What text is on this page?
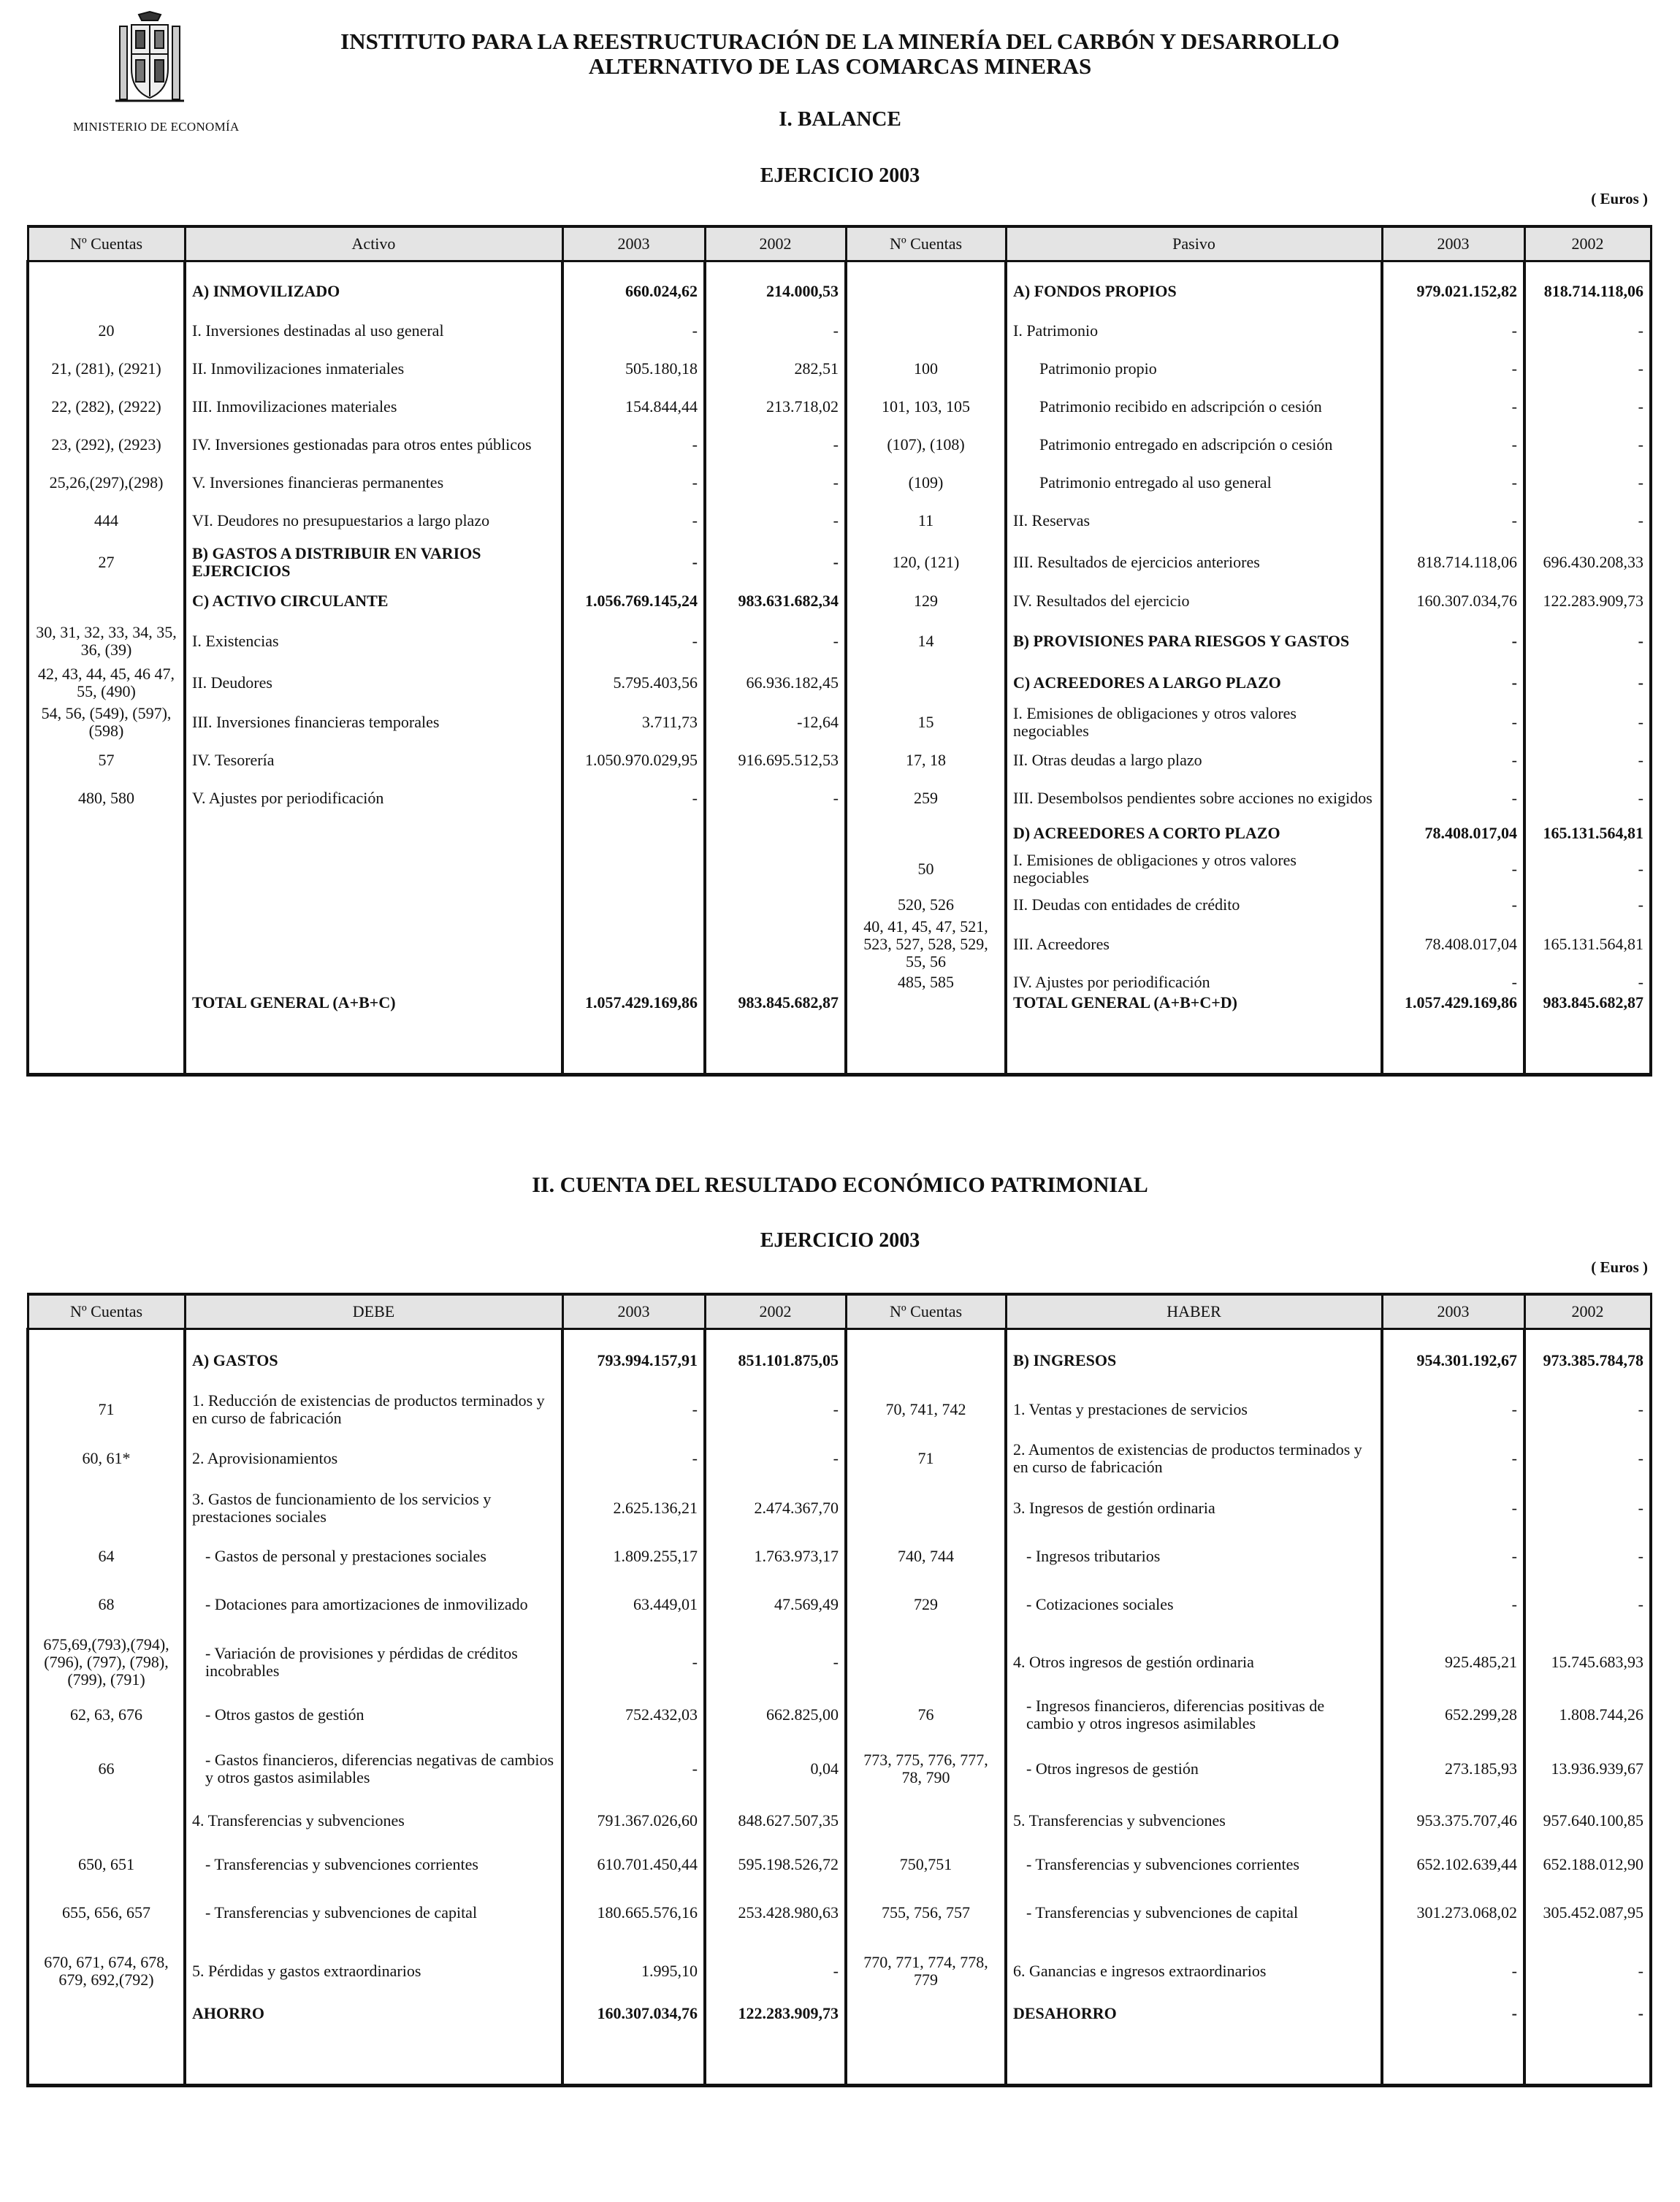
MINISTERIO DE ECONOMÍA
INSTITUTO PARA LA REESTRUCTURACIÓN DE LA MINERÍA DEL CARBÓN Y DESARROLLO
ALTERNATIVO DE LAS COMARCAS MINERAS
I. BALANCE
EJERCICIO 2003
( Euros )
Nº Cuentas	Activo	2003	2002	Nº Cuentas	Pasivo	2003	2002

	A) INMOVILIZADO	660.024,62	214.000,53		A) FONDOS PROPIOS	979.021.152,82	818.714.118,06
20	I. Inversiones destinadas al uso general	-	-		I. Patrimonio	-	-
21, (281), (2921)	II. Inmovilizaciones inmateriales	505.180,18	282,51	100	Patrimonio propio	-	-
22, (282), (2922)	III. Inmovilizaciones materiales	154.844,44	213.718,02	101, 103, 105	Patrimonio recibido en adscripción o cesión	-	-
23, (292), (2923)	IV. Inversiones gestionadas para otros entes públicos	-	-	(107), (108)	Patrimonio entregado en adscripción o cesión	-	-
25,26,(297),(298)	V. Inversiones financieras permanentes	-	-	(109)	Patrimonio entregado al uso general	-	-
444	VI. Deudores no presupuestarios a largo plazo	-	-	11	II. Reservas	-	-
27	B) GASTOS A DISTRIBUIR EN VARIOS EJERCICIOS	-	-	120, (121)	III. Resultados de ejercicios anteriores	818.714.118,06	696.430.208,33
	C) ACTIVO CIRCULANTE	1.056.769.145,24	983.631.682,34	129	IV. Resultados del ejercicio	160.307.034,76	122.283.909,73
30, 31, 32, 33, 34, 35, 36, (39)	I. Existencias	-	-	14	B) PROVISIONES PARA RIESGOS Y GASTOS	-	-
42, 43, 44, 45, 46 47, 55, (490)	II. Deudores	5.795.403,56	66.936.182,45		C) ACREEDORES A LARGO PLAZO	-	-
54, 56, (549), (597), (598)	III. Inversiones financieras temporales	3.711,73	-12,64	15	I. Emisiones de obligaciones y otros valores negociables	-	-
57	IV. Tesorería	1.050.970.029,95	916.695.512,53	17, 18	II. Otras deudas a largo plazo	-	-
480, 580	V. Ajustes por periodificación	-	-	259	III. Desembolsos pendientes sobre acciones no exigidos	-	-
					D) ACREEDORES A CORTO PLAZO	78.408.017,04	165.131.564,81
				50	I. Emisiones de obligaciones y otros valores negociables	-	-
				520, 526	II. Deudas con entidades de crédito	-	-
				40, 41, 45, 47, 521, 523, 527, 528, 529, 55, 56	III. Acreedores	78.408.017,04	165.131.564,81
				485, 585	IV. Ajustes por periodificación	-	-
	TOTAL GENERAL (A+B+C)	1.057.429.169,86	983.845.682,87		TOTAL GENERAL (A+B+C+D)	1.057.429.169,86	983.845.682,87
II. CUENTA DEL RESULTADO ECONÓMICO PATRIMONIAL
EJERCICIO 2003
( Euros )
Nº Cuentas	DEBE	2003	2002	Nº Cuentas	HABER	2003	2002

	A) GASTOS	793.994.157,91	851.101.875,05		B) INGRESOS	954.301.192,67	973.385.784,78
71	1. Reducción de existencias de productos terminados y en curso de fabricación	-	-	70, 741, 742	1. Ventas y prestaciones de servicios	-	-
60, 61*	2. Aprovisionamientos	-	-	71	2. Aumentos de existencias de productos terminados y en curso de fabricación	-	-
	3. Gastos de funcionamiento de los servicios y prestaciones sociales	2.625.136,21	2.474.367,70		3. Ingresos de gestión ordinaria	-	-
64	- Gastos de personal y prestaciones sociales	1.809.255,17	1.763.973,17	740, 744	- Ingresos tributarios	-	-
68	- Dotaciones para amortizaciones de inmovilizado	63.449,01	47.569,49	729	- Cotizaciones sociales	-	-
675,69,(793),(794), (796), (797), (798), (799), (791)	- Variación de provisiones y pérdidas de créditos incobrables	-	-		4. Otros ingresos de gestión ordinaria	925.485,21	15.745.683,93
62, 63, 676	- Otros gastos de gestión	752.432,03	662.825,00	76	- Ingresos financieros, diferencias positivas de cambio y otros ingresos asimilables	652.299,28	1.808.744,26
66	- Gastos financieros, diferencias negativas de cambios y otros gastos asimilables	-	0,04	773, 775, 776, 777, 78, 790	- Otros ingresos de gestión	273.185,93	13.936.939,67
	4. Transferencias y subvenciones	791.367.026,60	848.627.507,35		5. Transferencias y subvenciones	953.375.707,46	957.640.100,85
650, 651	- Transferencias y subvenciones corrientes	610.701.450,44	595.198.526,72	750,751	- Transferencias y subvenciones corrientes	652.102.639,44	652.188.012,90
655, 656, 657	- Transferencias y subvenciones de capital	180.665.576,16	253.428.980,63	755, 756, 757	- Transferencias y subvenciones de capital	301.273.068,02	305.452.087,95
670, 671, 674, 678, 679, 692,(792)	5. Pérdidas y gastos extraordinarios	1.995,10	-	770, 771, 774, 778, 779	6. Ganancias e ingresos extraordinarios	-	-
	AHORRO	160.307.034,76	122.283.909,73		DESAHORRO	-	-
